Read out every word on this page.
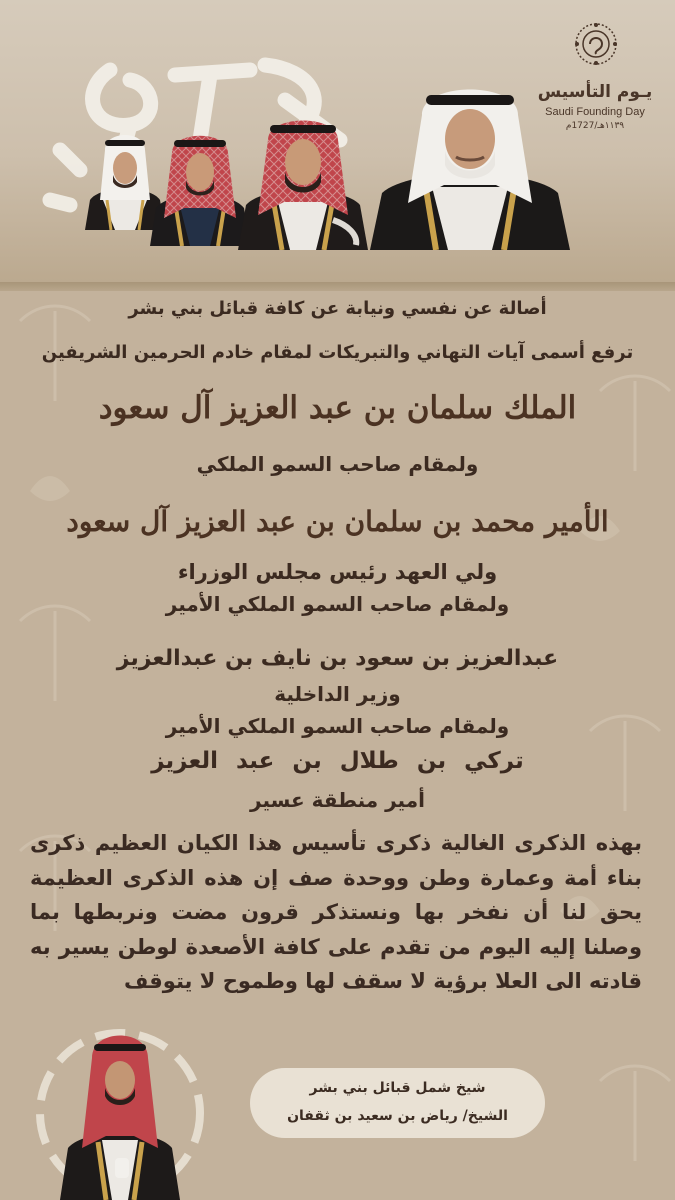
يـوم التأسيس
Saudi Founding Day
١١٣٩هـ/1727م
أصالة عن نفسي ونيابة عن كافة قبائل بني بشر
ترفع أسمى آيات التهاني والتبريكات لمقام خادم الحرمين الشريفين
الملك سلمان بن عبد العزيز آل سعود
ولمقام صاحب السمو الملكي
الأمير محمد بن سلمان بن عبد العزيز آل سعود
ولي العهد رئيس مجلس الوزراء
ولمقام صاحب السمو الملكي الأمير
عبدالعزيز بن سعود بن نايف بن عبدالعزيز
وزير الداخلية
ولمقام صاحب السمو الملكي الأمير
تركي بن طلال بن عبد العزيز
أمير منطقة عسير
بهذه الذكرى الغالية ذكرى تأسيس هذا الكيان العظيم ذكرى بناء أمة وعمارة وطن ووحدة صف إن هذه الذكرى العظيمة يحق لنا أن نفخر بها ونستذكر قرون مضت ونربطها بما وصلنا إليه اليوم من تقدم على كافة الأصعدة لوطن يسير به قادته الى العلا برؤية لا سقف لها وطموح لا يتوقف
شيخ شمل قبائل بني بشر
الشيخ/ رياض بن سعيد بن ثقفان
